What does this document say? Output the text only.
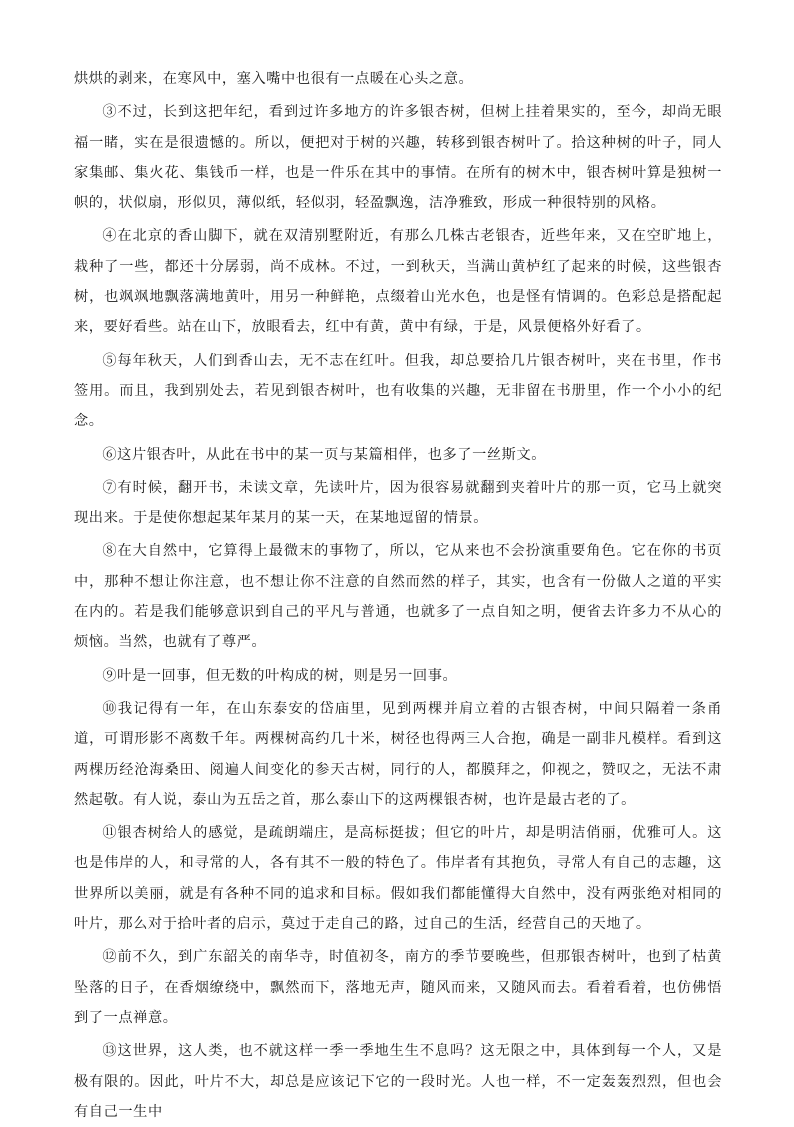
烘烘的剥来，在寒风中，塞入嘴中也很有一点暖在心头之意。

③不过，长到这把年纪，看到过许多地方的许多银杏树，但树上挂着果实的，至今，却尚无眼福一睹，实在是很遗憾的。所以，便把对于树的兴趣，转移到银杏树叶了。拾这种树的叶子，同人家集邮、集火花、集钱币一样，也是一件乐在其中的事情。在所有的树木中，银杏树叶算是独树一帜的，状似扇，形似贝，薄似纸，轻似羽，轻盈飘逸，洁净雅致，形成一种很特别的风格。

④在北京的香山脚下，就在双清别墅附近，有那么几株古老银杏，近些年来，又在空旷地上，栽种了一些，都还十分孱弱，尚不成林。不过，一到秋天，当满山黄栌红了起来的时候，这些银杏树，也飒飒地飘落满地黄叶，用另一种鲜艳，点缀着山光水色，也是怪有情调的。色彩总是搭配起来，要好看些。站在山下，放眼看去，红中有黄，黄中有绿，于是，风景便格外好看了。

⑤每年秋天，人们到香山去，无不志在红叶。但我，却总要拾几片银杏树叶，夹在书里，作书签用。而且，我到别处去，若见到银杏树叶，也有收集的兴趣，无非留在书册里，作一个小小的纪念。

⑥这片银杏叶，从此在书中的某一页与某篇相伴，也多了一丝斯文。

⑦有时候，翻开书，未读文章，先读叶片，因为很容易就翻到夹着叶片的那一页，它马上就突现出来。于是使你想起某年某月的某一天，在某地逗留的情景。

⑧在大自然中，它算得上最微末的事物了，所以，它从来也不会扮演重要角色。它在你的书页中，那种不想让你注意，也不想让你不注意的自然而然的样子，其实，也含有一份做人之道的平实在内的。若是我们能够意识到自己的平凡与普通，也就多了一点自知之明，便省去许多力不从心的烦恼。当然，也就有了尊严。

⑨叶是一回事，但无数的叶构成的树，则是另一回事。

⑩我记得有一年，在山东泰安的岱庙里，见到两棵并肩立着的古银杏树，中间只隔着一条甬道，可谓形影不离数千年。两棵树高约几十米，树径也得两三人合抱，确是一副非凡模样。看到这两棵历经沧海桑田、阅遍人间变化的参天古树，同行的人，都膜拜之，仰视之，赞叹之，无法不肃然起敬。有人说，泰山为五岳之首，那么泰山下的这两棵银杏树，也许是最古老的了。

⑪银杏树给人的感觉，是疏朗端庄，是高标挺拔；但它的叶片，却是明洁俏丽，优雅可人。这也是伟岸的人，和寻常的人，各有其不一般的特色了。伟岸者有其抱负，寻常人有自己的志趣，这世界所以美丽，就是有各种不同的追求和目标。假如我们都能懂得大自然中，没有两张绝对相同的叶片，那么对于拾叶者的启示，莫过于走自己的路，过自己的生活，经营自己的天地了。

⑫前不久，到广东韶关的南华寺，时值初冬，南方的季节要晚些，但那银杏树叶，也到了枯黄坠落的日子，在香烟缭绕中，飘然而下，落地无声，随风而来，又随风而去。看着看着，也仿佛悟到了一点禅意。

⑬这世界，这人类，也不就这样一季一季地生生不息吗？这无限之中，具体到每一个人，又是极有限的。因此，叶片不大，却总是应该记下它的一段时光。人也一样，不一定轰轰烈烈，但也会有自己一生中
